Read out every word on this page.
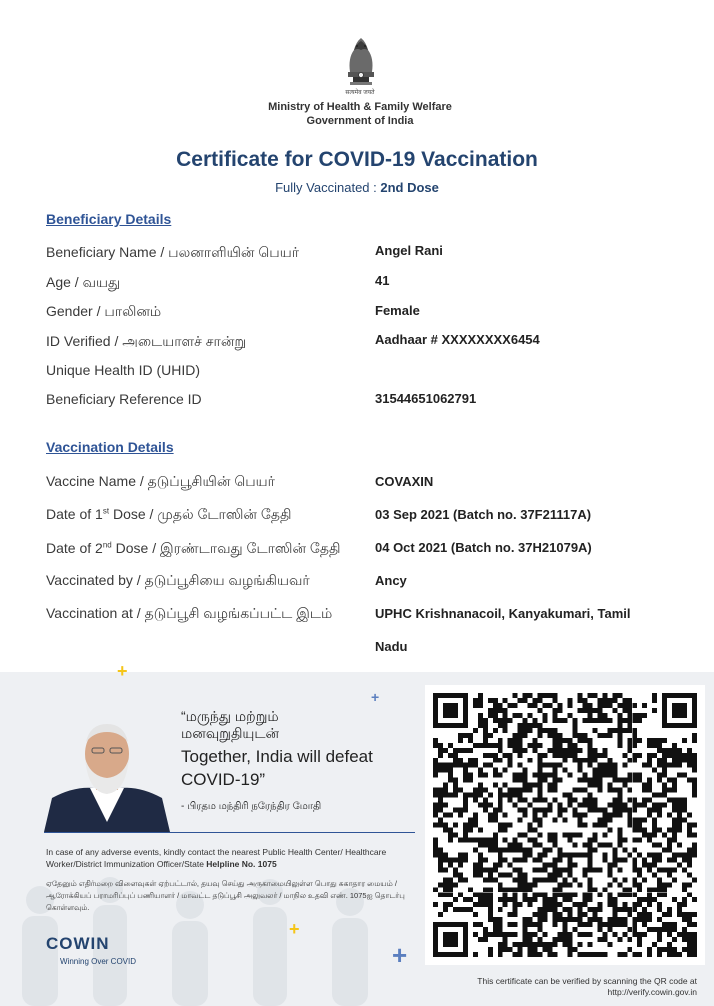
सत्यमेव जयते
Ministry of Health & Family Welfare
Government of India
Certificate for COVID-19 Vaccination
Fully Vaccinated : 2nd Dose
Beneficiary Details
Beneficiary Name / பலனாளியின் பெயர்	Angel Rani
Age / வயது	41
Gender / பாலினம்	Female
ID Verified / அடையாளச் சான்று	Aadhaar # XXXXXXXX6454
Unique Health ID (UHID)
Beneficiary Reference ID	31544651062791
Vaccination Details
Vaccine Name / தடுப்பூசியின் பெயர்	COVAXIN
Date of 1st Dose / முதல் டோஸின் தேதி	03 Sep 2021 (Batch no. 37F21117A)
Date of 2nd Dose / இரண்டாவது டோஸின் தேதி	04 Oct 2021 (Batch no. 37H21079A)
Vaccinated by / தடுப்பூசியை வழங்கியவர்	Ancy
Vaccination at / தடுப்பூசி வழங்கப்பட்ட இடம்	UPHC Krishnanacoil, Kanyakumari, Tamil
Nadu
“மருந்து மற்றும் மனவுறுதியுடன்
Together, India will defeat COVID-19”
- பிரதம மந்திரி நரேந்திர மோதி
In case of any adverse events, kindly contact the nearest Public Health Center/ Healthcare Worker/District Immunization Officer/State Helpline No. 1075
ஏதேனும் எதிர்மறை விளைவுகள் ஏற்பட்டால், தயவு செய்து அருகாமையிலுள்ள பொது சுகாதார மையம் / ஆரோக்கியப் பராமரிப்புப் பணியாளர் / மாவட்ட தடுப்பூசி அலுவலர் / மாநில உதவி எண். 1075ஐ தொடர்பு கொள்ளவும்.
COWIN
Winning Over COVID
+
+
+
+
This certificate can be verified by scanning the QR code at
http://verify.cowin.gov.in
